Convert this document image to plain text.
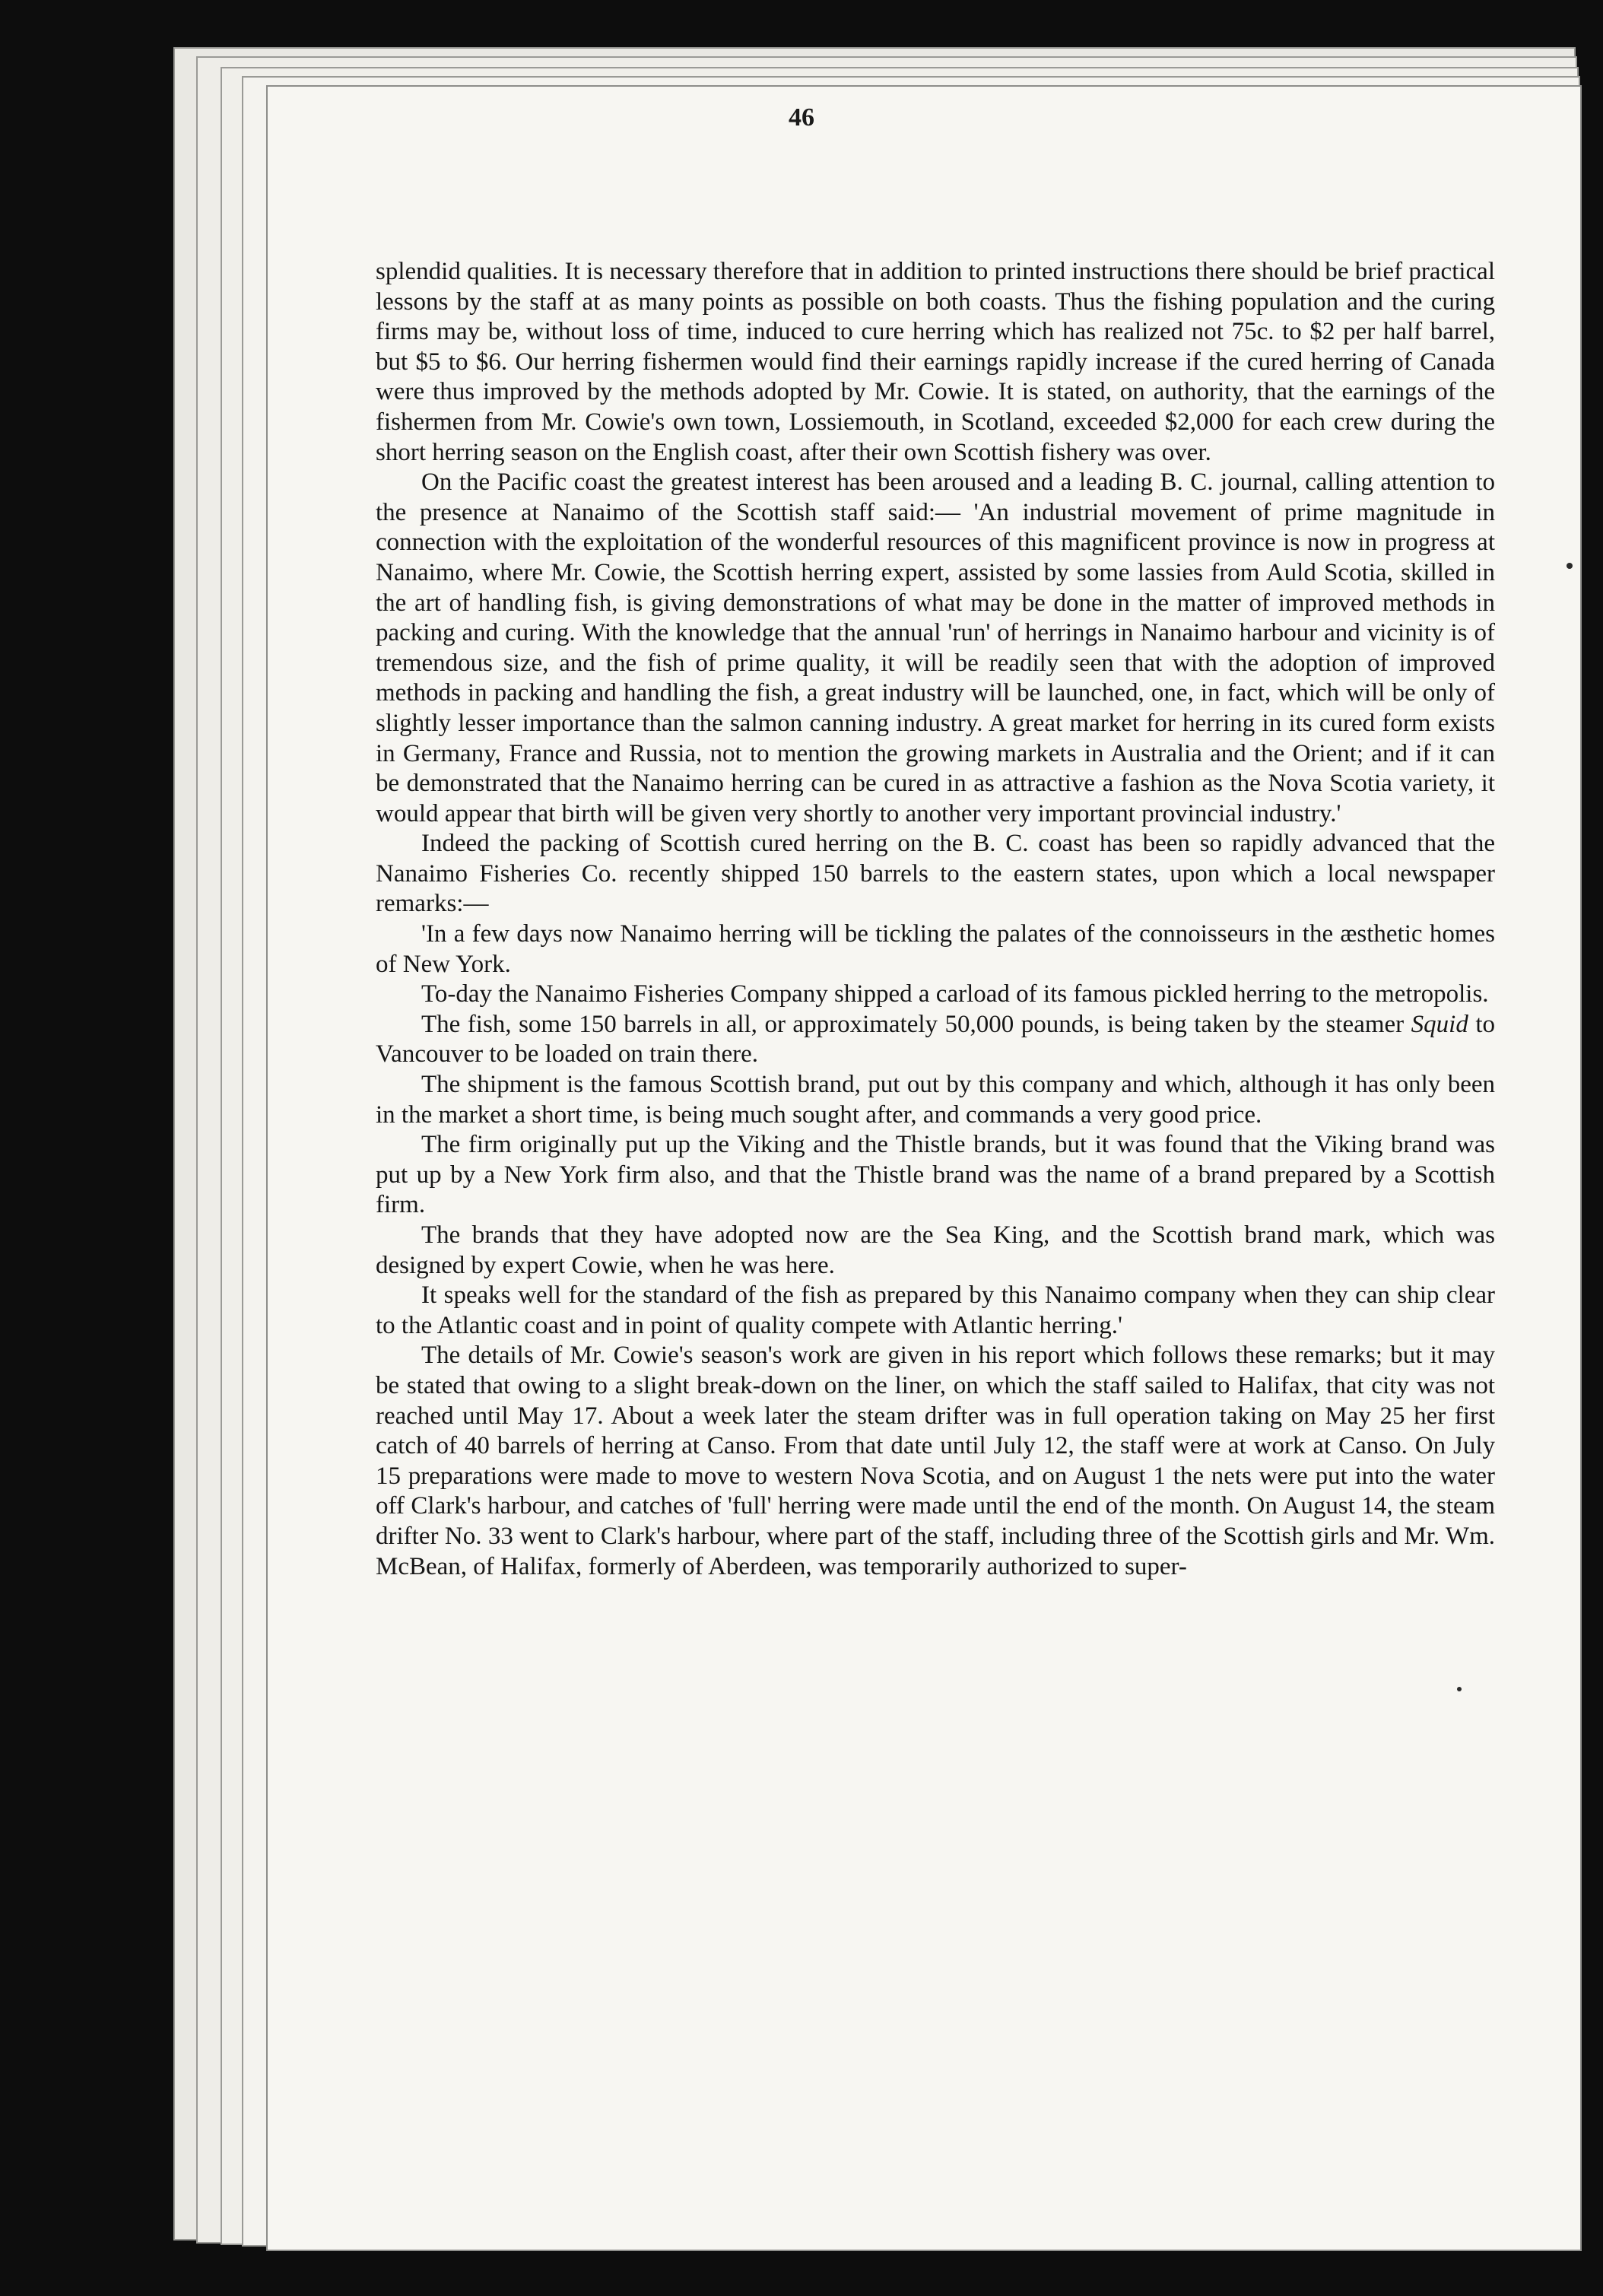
46

splendid qualities. It is necessary therefore that in addition to printed instructions there should be brief practical lessons by the staff at as many points as possible on both coasts. Thus the fishing population and the curing firms may be, without loss of time, induced to cure herring which has realized not 75c. to $2 per half barrel, but $5 to $6. Our herring fishermen would find their earnings rapidly increase if the cured herring of Canada were thus improved by the methods adopted by Mr. Cowie. It is stated, on authority, that the earnings of the fishermen from Mr. Cowie's own town, Lossiemouth, in Scotland, exceeded $2,000 for each crew during the short herring season on the English coast, after their own Scottish fishery was over.

On the Pacific coast the greatest interest has been aroused and a leading B. C. journal, calling attention to the presence at Nanaimo of the Scottish staff said:— 'An industrial movement of prime magnitude in connection with the exploitation of the wonderful resources of this magnificent province is now in progress at Nanaimo, where Mr. Cowie, the Scottish herring expert, assisted by some lassies from Auld Scotia, skilled in the art of handling fish, is giving demonstrations of what may be done in the matter of improved methods in packing and curing. With the knowledge that the annual 'run' of herrings in Nanaimo harbour and vicinity is of tremendous size, and the fish of prime quality, it will be readily seen that with the adoption of improved methods in packing and handling the fish, a great industry will be launched, one, in fact, which will be only of slightly lesser importance than the salmon canning industry. A great market for herring in its cured form exists in Germany, France and Russia, not to mention the growing markets in Australia and the Orient; and if it can be demonstrated that the Nanaimo herring can be cured in as attractive a fashion as the Nova Scotia variety, it would appear that birth will be given very shortly to another very important provincial industry.'

Indeed the packing of Scottish cured herring on the B. C. coast has been so rapidly advanced that the Nanaimo Fisheries Co. recently shipped 150 barrels to the eastern states, upon which a local newspaper remarks:—

'In a few days now Nanaimo herring will be tickling the palates of the connoisseurs in the æsthetic homes of New York.

To-day the Nanaimo Fisheries Company shipped a carload of its famous pickled herring to the metropolis.

The fish, some 150 barrels in all, or approximately 50,000 pounds, is being taken by the steamer Squid to Vancouver to be loaded on train there.

The shipment is the famous Scottish brand, put out by this company and which, although it has only been in the market a short time, is being much sought after, and commands a very good price.

The firm originally put up the Viking and the Thistle brands, but it was found that the Viking brand was put up by a New York firm also, and that the Thistle brand was the name of a brand prepared by a Scottish firm.

The brands that they have adopted now are the Sea King, and the Scottish brand mark, which was designed by expert Cowie, when he was here.

It speaks well for the standard of the fish as prepared by this Nanaimo company when they can ship clear to the Atlantic coast and in point of quality compete with Atlantic herring.'

The details of Mr. Cowie's season's work are given in his report which follows these remarks; but it may be stated that owing to a slight break-down on the liner, on which the staff sailed to Halifax, that city was not reached until May 17. About a week later the steam drifter was in full operation taking on May 25 her first catch of 40 barrels of herring at Canso. From that date until July 12, the staff were at work at Canso. On July 15 preparations were made to move to western Nova Scotia, and on August 1 the nets were put into the water off Clark's harbour, and catches of 'full' herring were made until the end of the month. On August 14, the steam drifter No. 33 went to Clark's harbour, where part of the staff, including three of the Scottish girls and Mr. Wm. McBean, of Halifax, formerly of Aberdeen, was temporarily authorized to super-
